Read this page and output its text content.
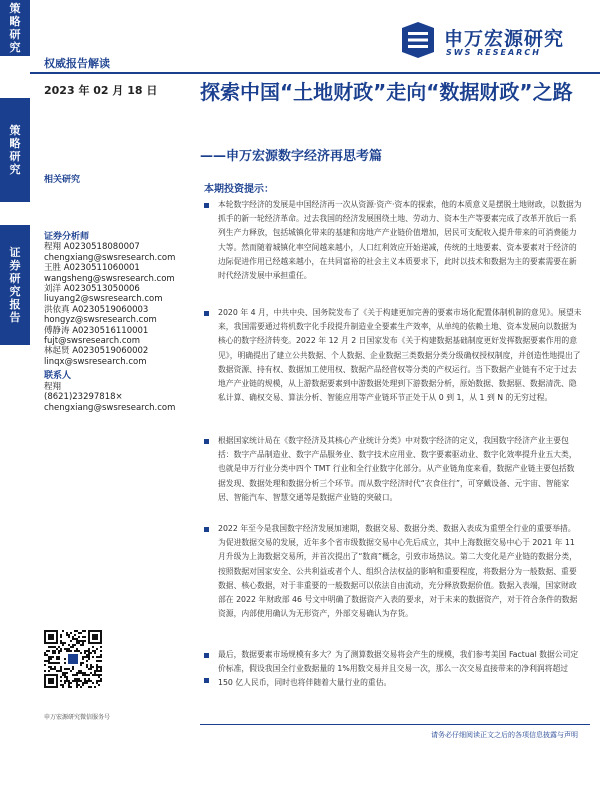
策
略
研
究
策
略
研
究
证
券
研
究
报
告
权威报告解读
申万宏源研究
SWS RESEARCH
2023 年 02 月 18 日 探索中国“土地财政”走向“数据财政”之路
——申万宏源数字经济再思考篇
相关研究
证券分析师
程翔 A0230518080007
chengxiang@swsresearch.com
王胜 A0230511060001
wangsheng@swsresearch.com
刘洋 A0230513050006
liuyang2@swsresearch.com
洪依真 A0230519060003
hongyz@swsresearch.com
傅静涛 A0230516110001
fujt@swsresearch.com
林起贤 A0230519060002
linqx@swsresearch.com
联系人
程翔
(8621)23297818×
chengxiang@swsresearch.com
申万宏源研究微信服务号
本期投资提示：
本轮数字经济的发展是中国经济再一次从资源·资产·资本的探索，他的本质意义是摆脱土地财政，以数据为抓手的新一轮经济革命。过去我国的经济发展围绕土地、劳动力、资本生产等要素完成了改革开放后一系列生产力释放，包括城镇化带来的基建和房地产产业链价值增加，居民可支配收入提升带来的可消费能力大等。然而随着城镇化率空间越来越小，人口红利效应开始递减，传统的土地要素、资本要素对于经济的边际促进作用已经越来越小，在共同富裕的社会主义本质要求下，此时以技术和数据为主的要素需要在新时代经济发展中承担重任。
2020 年 4 月，中共中央、国务院发布了《关于构建更加完善的要素市场化配置体制机制的意见》。展望未来，我国需要通过将机数字化手段提升制造业全要素生产效率，从单纯的依赖土地、资本发展向以数据为核心的数字经济转变。2022 年 12 月 2 日国家发布《关于构建数据基础制度更好发挥数据要素作用的意见》，明确提出了建立公共数据、个人数据、企业数据三类数据分类分级确权授权制度，并创造性地提出了数据资源、持有权、数据加工使用权、数据产品经营权等分类的产权运行。当下数据产业链有不定于过去地产产业链的规模，从上游数据要素到中游数据处理到下游数据分析，原始数据、数据驱、数据清洗、隐私计算、确权交易、算法分析、智能应用等产业链环节正处于从 0 到 1，从 1 到 N 的无穷过程。
根据国家统计局在《数字经济及其核心产业统计分类》中对数字经济的定义，我国数字经济产业主要包括：数字产品制造业、数字产品服务业、数字技术应用业、数字要素驱动业、数字化效率提升业五大类，也就是申万行业分类中四个 TMT 行业和全行业数字化部分。从产业链角度来看，数据产业链主要包括数据发现、数据处理和数据分析三个环节。而从数字经济时代“衣食住行”，可穿戴设备、元宇宙、智能家居、智能汽车、智慧交通等是数据产业链的突破口。
2022 年至今是我国数字经济发展加速期，数据交易、数据分类、数据入表成为重塑全行业的重要举措。为促进数据交易的发展，近年多个省市级数据交易中心先后成立，其中上海数据交易中心于 2021 年 11 月升级为上海数据交易所，并首次提出了“数商”概念，引致市场热议。第二大变化是产业链的数据分类，按照数据对国家安全、公共利益或者个人、组织合法权益的影响和重要程度，将数据分为一般数据、重要数据、核心数据，对于非重要的一般数据可以依法自由流动，充分释放数据价值。数据入表端，国家财政部在 2022 年财政部 46 号文中明确了数据资产入表的要求，对于未来的数据资产，对于符合条件的数据资源，内部使用确认为无形资产，外部交易确认为存货。
最后，数据要素市场规模有多大？为了测算数据交易将会产生的规模，我们参考美国 Factual 数据公司定价标准，假设我国全行业数据量的 1%用数交易并且交易一次，那么一次交易直接带来的净利润将超过 150 亿人民币，同时也将伴随着大量行业的重估。
请务必仔细阅读正文之后的各项信息披露与声明
